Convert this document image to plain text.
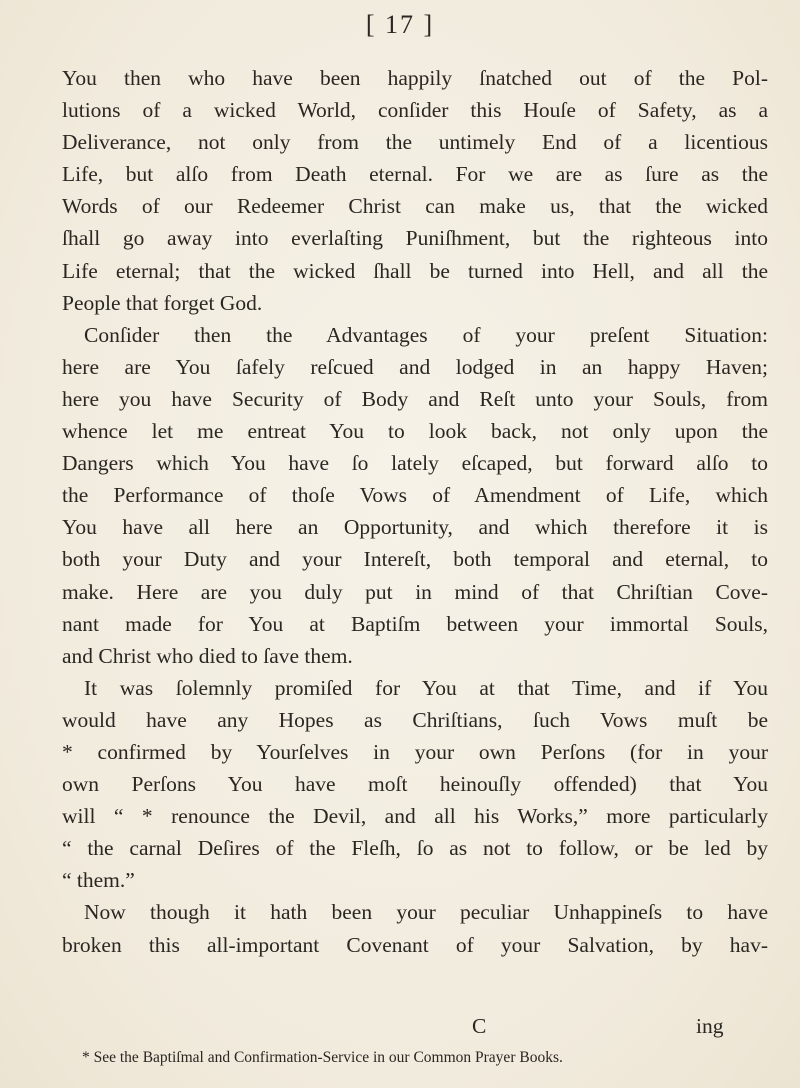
[ 17 ]
You then who have been happily ſnatched out of the Pol-
lutions of a wicked World, conſider this Houſe of Safety, as a
Deliverance, not only from the untimely End of a licentious
Life, but alſo from Death eternal. For we are as ſure as the
Words of our Redeemer Christ can make us, that the wicked
ſhall go away into everlaſting Puniſhment, but the righteous into
Life eternal; that the wicked ſhall be turned into Hell, and all the
People that forget God.
Conſider then the Advantages of your preſent Situation:
here are You ſafely reſcued and lodged in an happy Haven;
here you have Security of Body and Reſt unto your Souls, from
whence let me entreat You to look back, not only upon the
Dangers which You have ſo lately eſcaped, but forward alſo to
the Performance of thoſe Vows of Amendment of Life, which
You have all here an Opportunity, and which therefore it is
both your Duty and your Intereſt, both temporal and eternal, to
make. Here are you duly put in mind of that Chriſtian Cove-
nant made for You at Baptiſm between your immortal Souls,
and Christ who died to ſave them.
It was ſolemnly promiſed for You at that Time, and if You
would have any Hopes as Chriſtians, ſuch Vows muſt be
* confirmed by Yourſelves in your own Perſons (for in your
own Perſons You have moſt heinouſly offended) that You
will “ * renounce the Devil, and all his Works,” more particularly
“ the carnal Deſires of the Fleſh, ſo as not to follow, or be led by
“ them.”
Now though it hath been your peculiar Unhappineſs to have
broken this all-important Covenant of your Salvation, by hav-
C	ing
* See the Baptiſmal and Confirmation-Service in our Common Prayer Books.
